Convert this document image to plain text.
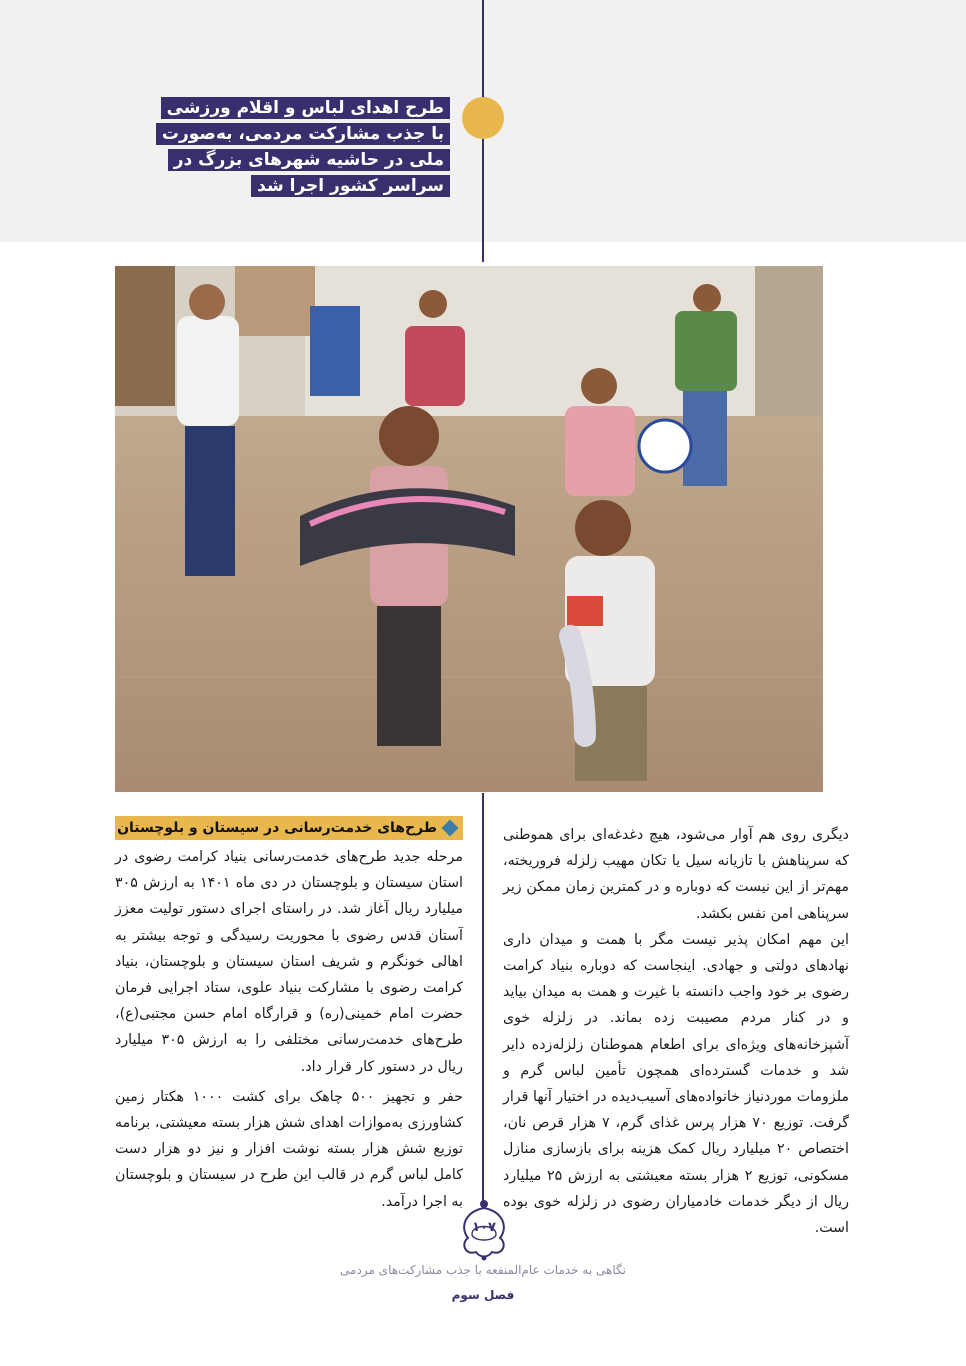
طرح اهدای لباس و اقلام ورزشی با جذب مشارکت مردمی، به‌صورت ملی در حاشیه شهرهای بزرگ در سراسر کشور اجرا شد
طرح‌های خدمت‌رسانی در سیستان و بلوچستان

مرحله جدید طرح‌های خدمت‌رسانی بنیاد کرامت رضوی در استان سیستان و بلوچستان در دی ماه ۱۴۰۱ به ارزش ۳۰۵ میلیارد ریال آغاز شد. در راستای اجرای دستور تولیت معزز آستان قدس رضوی با محوریت رسیدگی و توجه بیشتر به اهالی خونگرم و شریف استان سیستان و بلوچستان، بنیاد کرامت رضوی با مشارکت بنیاد علوی، ستاد اجرایی فرمان حضرت امام خمینی(ره) و قرارگاه امام حسن مجتبی(ع)، طرح‌های خدمت‌رسانی مختلفی را به ارزش ۳۰۵ میلیارد ریال در دستور کار قرار داد.

حفر و تجهیز ۵۰۰ چاهک برای کشت ۱۰۰۰ هکتار زمین کشاورزی به‌موازات اهدای شش هزار بسته معیشتی، برنامه توزیع شش هزار بسته نوشت افزار و نیز دو هزار دست کامل لباس گرم در قالب این طرح در سیستان و بلوچستان به اجرا درآمد.

دیگری روی هم آوار می‌شود، هیچ دغدغه‌ای برای هموطنی که سرپناهش با تازیانه سیل یا تکان مهیب زلزله فروریخته، مهم‌تر از این نیست که دوباره و در کمترین زمان ممکن زیر سرپناهی امن نفس بکشد.

این مهم امکان پذیر نیست مگر با همت و میدان داری نهادهای دولتی و جهادی. اینجاست که دوباره بنیاد کرامت رضوی بر خود واجب دانسته با غیرت و همت به میدان بیاید و در کنار مردم مصیبت زده بماند. در زلزله خوی آشپزخانه‌های ویژه‌ای برای اطعام هموطنان زلزله‌زده دایر شد و خدمات گسترده‌ای همچون تأمین لباس گرم و ملزومات موردنیاز خانواده‌های آسیب‌دیده در اختیار آنها قرار گرفت. توزیع ۷۰ هزار پرس غذای گرم، ۷ هزار قرص نان، اختصاص ۲۰ میلیارد ریال کمک هزینه برای بازسازی منازل مسکونی، توزیع ۲ هزار بسته معیشتی به ارزش ۲۵ میلیارد ریال از دیگر خدمات خادمیاران رضوی در زلزله خوی بوده است.

۱۰۷
نگاهی به خدمات عام‌المنفعه با جذب مشارکت‌های مردمی
فصل سوم
